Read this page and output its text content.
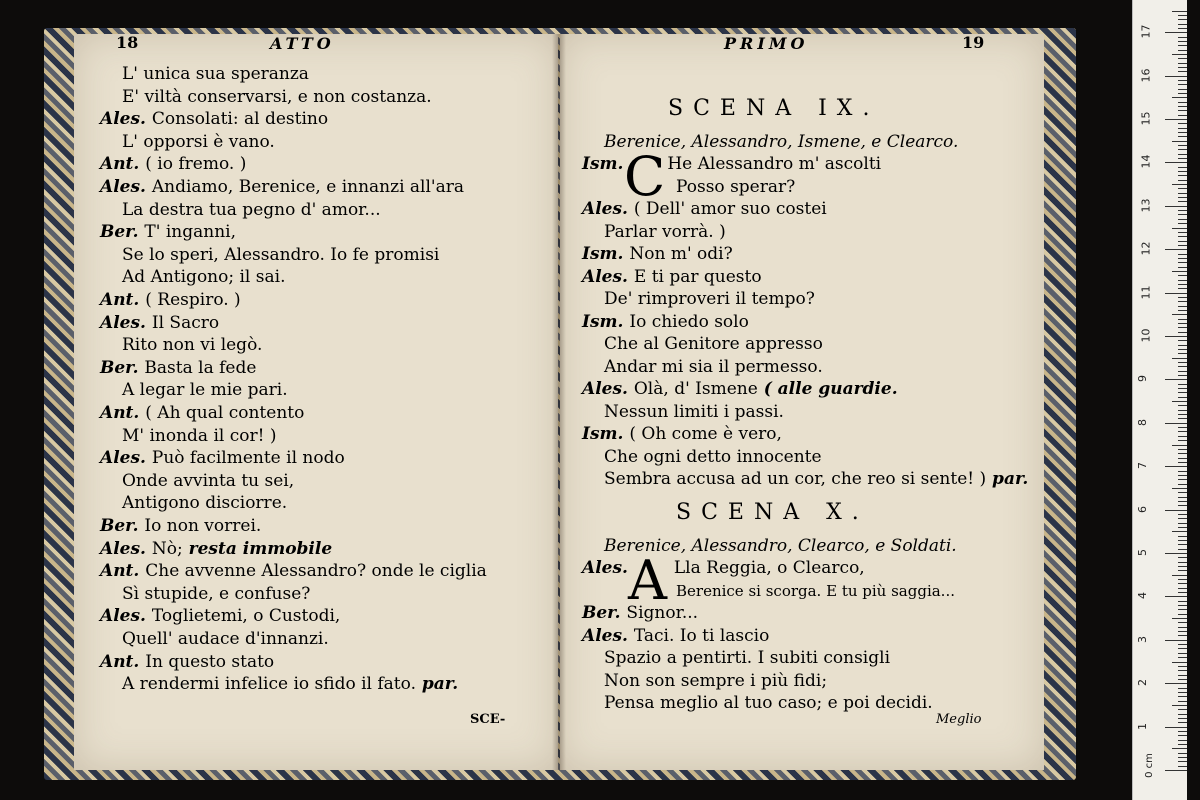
18	ATTO
L' unica sua speranza
E' viltà conservarsi, e non costanza.
Ales. Consolati: al destino
L' opporsi è vano.
Ant. ( io fremo. )
Ales. Andiamo, Berenice, e innanzi all'ara
La destra tua pegno d' amor...
Ber. T' inganni,
Se lo speri, Alessandro. Io fe promisi
Ad Antigono; il sai.
Ant. ( Respiro. )
Ales. Il Sacro
Rito non vi legò.
Ber. Basta la fede
A legar le mie pari.
Ant. ( Ah qual contento
M' inonda il cor! )
Ales. Può facilmente il nodo
Onde avvinta tu sei,
Antigono disciorre.
Ber. Io non vorrei.
Ales. Nò; resta immobile
Ant. Che avvenne Alessandro? onde le ciglia
Sì stupide, e confuse?
Ales. Toglietemi, o Custodi,
Quell' audace d'innanzi.
Ant. In questo stato
A rendermi infelice io sfido il fato. par.
SCE-
PRIMO	19
SCENA IX.
Berenice, Alessandro, Ismene, e Clearco.
C
Ism. He Alessandro m' ascolti
Posso sperar?
Ales. ( Dell' amor suo costei
Parlar vorrà. )
Ism. Non m' odi?
Ales. E ti par questo
De' rimproveri il tempo?
Ism. Io chiedo solo
Che al Genitore appresso
Andar mi sia il permesso.
Ales. Olà, d' Ismene ( alle guardie.
Nessun limiti i passi.
Ism. ( Oh come è vero,
Che ogni detto innocente
Sembra accusa ad un cor, che reo si sente! ) par.
SCENA X.
Berenice, Alessandro, Clearco, e Soldati.
A
Ales. Lla Reggia, o Clearco,
Berenice si scorga. E tu più saggia...
Ber. Signor...
Ales. Taci. Io ti lascio
Spazio a pentirti. I subiti consigli
Non son sempre i più fidi;
Pensa meglio al tuo caso; e poi decidi.
Meglio
0 cm
1
2
3
4
5
6
7
8
9
10
11
12
13
14
15
16
17
